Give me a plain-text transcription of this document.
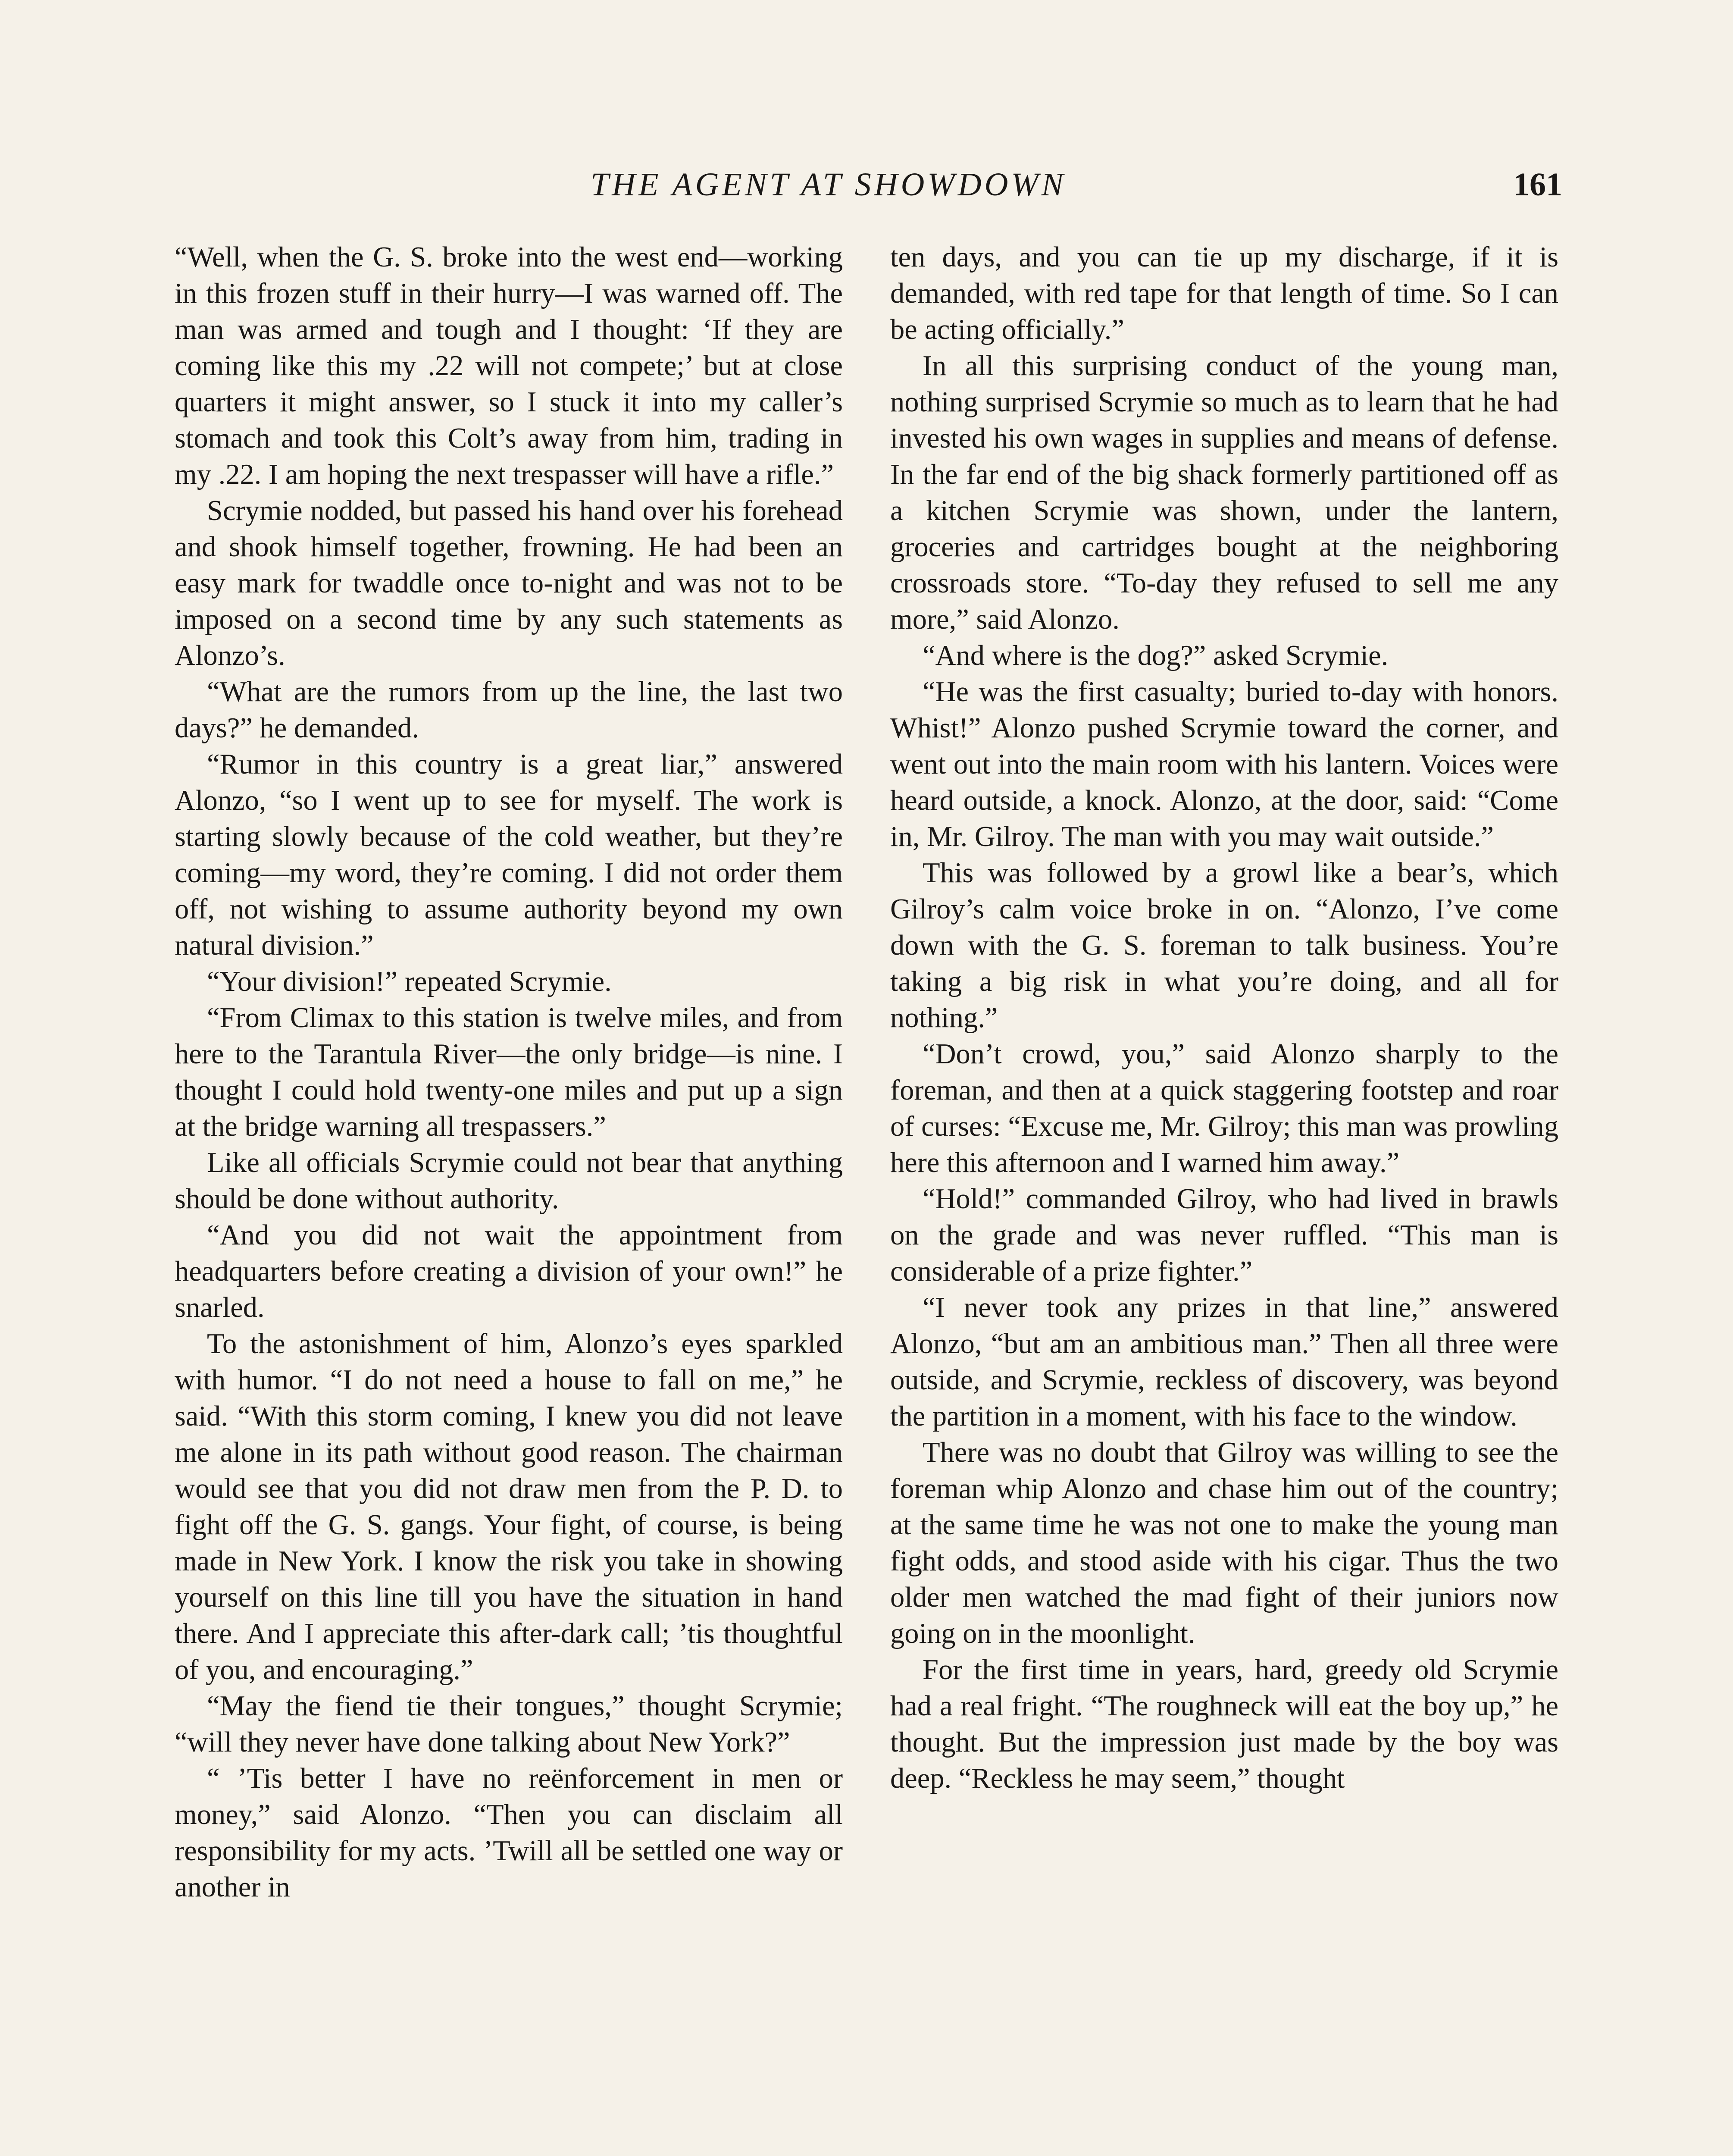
THE AGENT AT SHOWDOWN	161

“Well, when the G. S. broke into the west end—working in this frozen stuff in their hurry—I was warned off. The man was armed and tough and I thought: ‘If they are coming like this my .22 will not compete;’ but at close quarters it might answer, so I stuck it into my caller’s stomach and took this Colt’s away from him, trading in my .22. I am hoping the next trespasser will have a rifle.”

Scrymie nodded, but passed his hand over his forehead and shook himself together, frowning. He had been an easy mark for twaddle once to-night and was not to be imposed on a second time by any such statements as Alonzo’s.

“What are the rumors from up the line, the last two days?” he demanded.

“Rumor in this country is a great liar,” answered Alonzo, “so I went up to see for myself. The work is starting slowly because of the cold weather, but they’re coming—my word, they’re coming. I did not order them off, not wishing to assume authority beyond my own natural division.”

“Your division!” repeated Scrymie.

“From Climax to this station is twelve miles, and from here to the Tarantula River—the only bridge—is nine. I thought I could hold twenty-one miles and put up a sign at the bridge warning all trespassers.”

Like all officials Scrymie could not bear that anything should be done without authority.

“And you did not wait the appointment from headquarters before creating a division of your own!” he snarled.

To the astonishment of him, Alonzo’s eyes sparkled with humor. “I do not need a house to fall on me,” he said. “With this storm coming, I knew you did not leave me alone in its path without good reason. The chairman would see that you did not draw men from the P. D. to fight off the G. S. gangs. Your fight, of course, is being made in New York. I know the risk you take in showing yourself on this line till you have the situation in hand there. And I appreciate this after-dark call; ’tis thoughtful of you, and encouraging.”

“May the fiend tie their tongues,” thought Scrymie; “will they never have done talking about New York?”

“ ’Tis better I have no reënforcement in men or money,” said Alonzo. “Then you can disclaim all responsibility for my acts. ’Twill all be settled one way or another in

ten days, and you can tie up my discharge, if it is demanded, with red tape for that length of time. So I can be acting officially.”

In all this surprising conduct of the young man, nothing surprised Scrymie so much as to learn that he had invested his own wages in supplies and means of defense. In the far end of the big shack formerly partitioned off as a kitchen Scrymie was shown, under the lantern, groceries and cartridges bought at the neighboring crossroads store. “To-day they refused to sell me any more,” said Alonzo.

“And where is the dog?” asked Scrymie.

“He was the first casualty; buried to-day with honors. Whist!” Alonzo pushed Scrymie toward the corner, and went out into the main room with his lantern. Voices were heard outside, a knock. Alonzo, at the door, said: “Come in, Mr. Gilroy. The man with you may wait outside.”

This was followed by a growl like a bear’s, which Gilroy’s calm voice broke in on. “Alonzo, I’ve come down with the G. S. foreman to talk business. You’re taking a big risk in what you’re doing, and all for nothing.”

“Don’t crowd, you,” said Alonzo sharply to the foreman, and then at a quick staggering footstep and roar of curses: “Excuse me, Mr. Gilroy; this man was prowling here this afternoon and I warned him away.”

“Hold!” commanded Gilroy, who had lived in brawls on the grade and was never ruffled. “This man is considerable of a prize fighter.”

“I never took any prizes in that line,” answered Alonzo, “but am an ambitious man.” Then all three were outside, and Scrymie, reckless of discovery, was beyond the partition in a moment, with his face to the window.

There was no doubt that Gilroy was willing to see the foreman whip Alonzo and chase him out of the country; at the same time he was not one to make the young man fight odds, and stood aside with his cigar. Thus the two older men watched the mad fight of their juniors now going on in the moonlight.

For the first time in years, hard, greedy old Scrymie had a real fright. “The roughneck will eat the boy up,” he thought. But the impression just made by the boy was deep. “Reckless he may seem,” thought
